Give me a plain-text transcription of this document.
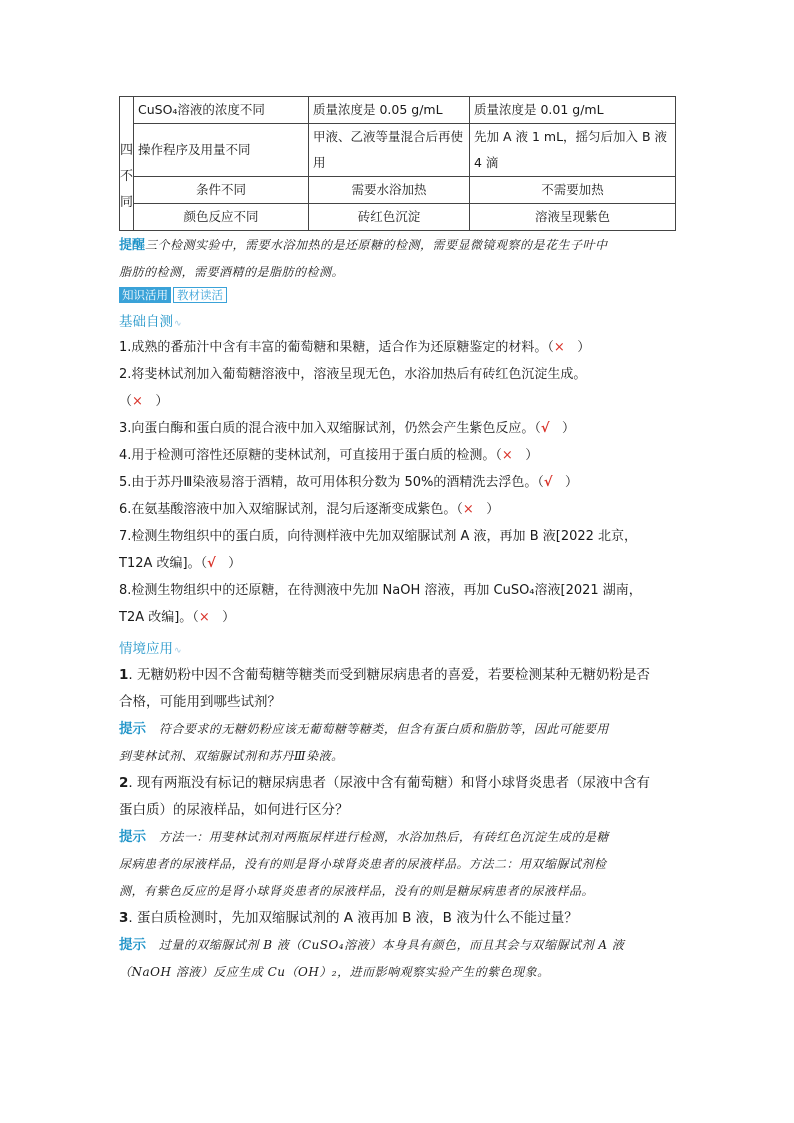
四
不
同	CuSO₄溶液的浓度不同	质量浓度是 0.05 g/mL	质量浓度是 0.01 g/mL
	操作程序及用量不同	甲液、乙液等量混合后再使用	先加 A 液 1 mL，摇匀后加入 B 液 4 滴
	条件不同	需要水浴加热	不需要加热
	颜色反应不同	砖红色沉淀	溶液呈现紫色
提醒三个检测实验中，需要水浴加热的是还原糖的检测，需要显微镜观察的是花生子叶中
脂肪的检测，需要酒精的是脂肪的检测。
知识活用 教材读活
基础自测∿
1.成熟的番茄汁中含有丰富的葡萄糖和果糖，适合作为还原糖鉴定的材料。（× ）
2.将斐林试剂加入葡萄糖溶液中，溶液呈现无色，水浴加热后有砖红色沉淀生成。
（× ）
3.向蛋白酶和蛋白质的混合液中加入双缩脲试剂，仍然会产生紫色反应。（√ ）
4.用于检测可溶性还原糖的斐林试剂，可直接用于蛋白质的检测。（× ）
5.由于苏丹Ⅲ染液易溶于酒精，故可用体积分数为 50%的酒精洗去浮色。（√ ）
6.在氨基酸溶液中加入双缩脲试剂，混匀后逐渐变成紫色。（× ）
7.检测生物组织中的蛋白质，向待测样液中先加双缩脲试剂 A 液，再加 B 液[2022 北京，
T12A 改编]。（√ ）
8.检测生物组织中的还原糖，在待测液中先加 NaOH 溶液，再加 CuSO₄溶液[2021 湖南，
T2A 改编]。（× ）
情境应用∿
1. 无糖奶粉中因不含葡萄糖等糖类而受到糖尿病患者的喜爱，若要检测某种无糖奶粉是否
合格，可能用到哪些试剂？
提示 符合要求的无糖奶粉应该无葡萄糖等糖类，但含有蛋白质和脂肪等，因此可能要用
到斐林试剂、双缩脲试剂和苏丹Ⅲ染液。
2. 现有两瓶没有标记的糖尿病患者（尿液中含有葡萄糖）和肾小球肾炎患者（尿液中含有
蛋白质）的尿液样品，如何进行区分？
提示 方法一：用斐林试剂对两瓶尿样进行检测，水浴加热后，有砖红色沉淀生成的是糖
尿病患者的尿液样品，没有的则是肾小球肾炎患者的尿液样品。方法二：用双缩脲试剂检
测，有紫色反应的是肾小球肾炎患者的尿液样品，没有的则是糖尿病患者的尿液样品。
3. 蛋白质检测时，先加双缩脲试剂的 A 液再加 B 液，B 液为什么不能过量？
提示 过量的双缩脲试剂 B 液（CuSO₄溶液）本身具有颜色，而且其会与双缩脲试剂 A 液
（NaOH 溶液）反应生成 Cu（OH）₂，进而影响观察实验产生的紫色现象。
